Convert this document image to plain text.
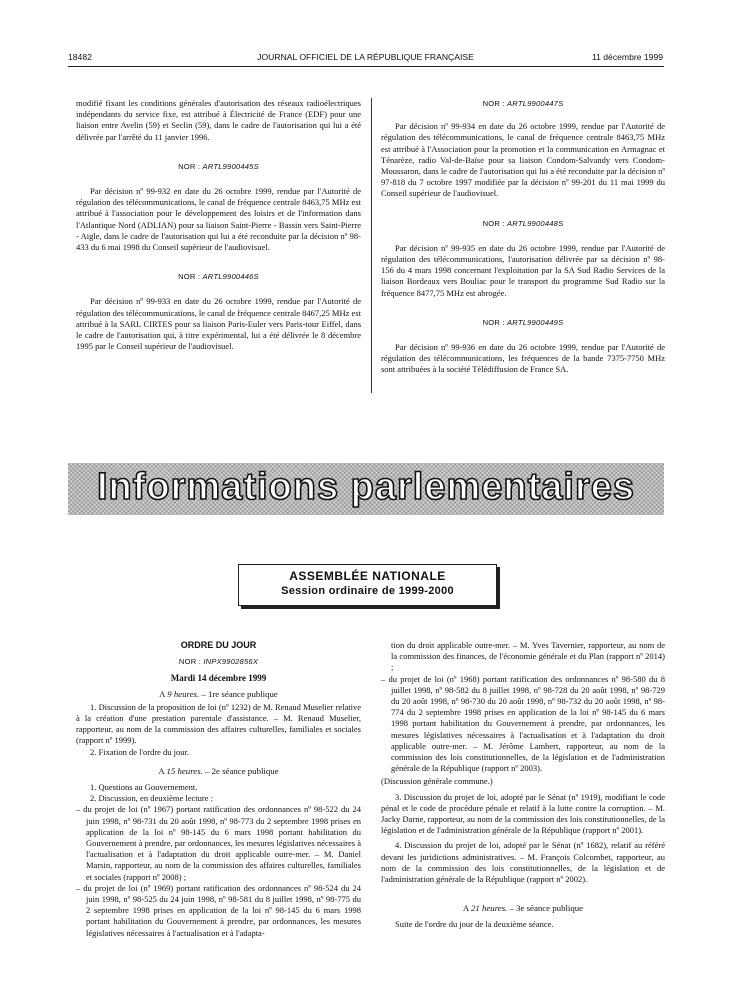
18482	JOURNAL OFFICIEL DE LA RÉPUBLIQUE FRANÇAISE	11 décembre 1999

modifié fixant les conditions générales d'autorisation des réseaux radioélectriques indépendants du service fixe, est attribué à Électricité de France (EDF) pour une liaison entre Avelin (59) et Seclin (59), dans le cadre de l'autorisation qui lui a été délivrée par l'arrêté du 11 janvier 1996.

NOR : ARTL9900445S

Par décision nº 99-932 en date du 26 octobre 1999, rendue par l'Autorité de régulation des télécommunications, le canal de fréquence centrale 8463,75 MHz est attribué à l'association pour le développement des loisirs et de l'information dans l'Atlantique Nord (ADLIAN) pour sa liaison Saint-Pierre - Bassin vers Saint-Pierre - Aigle, dans le cadre de l'autorisation qui lui a été reconduite par la décision nº 98-433 du 6 mai 1998 du Conseil supérieur de l'audiovisuel.

NOR : ARTL9900446S

Par décision nº 99-933 en date du 26 octobre 1999, rendue par l'Autorité de régulation des télécommunications, le canal de fréquence centrale 8467,25 MHz est attribué à la SARL CIRTES pour sa liaison Paris-Euler vers Paris-tour Eiffel, dans le cadre de l'autorisation qui, à titre expérimental, lui a été délivrée le 8 décembre 1995 par le Conseil supérieur de l'audiovisuel.

NOR : ARTL9900447S

Par décision nº 99-934 en date du 26 octobre 1999, rendue par l'Autorité de régulation des télécommunications, le canal de fréquence centrale 8463,75 MHz est attribué à l'Association pour la promotion et la communication en Armagnac et Ténarèze, radio Val-de-Baïse pour sa liaison Condom-Salvandy vers Condom-Moussaron, dans le cadre de l'autorisation qui lui a été reconduite par la décision nº 97-818 du 7 octobre 1997 modifiée par la décision nº 99-201 du 11 mai 1999 du Conseil supérieur de l'audiovisuel.

NOR : ARTL9900448S

Par décision nº 99-935 en date du 26 octobre 1999, rendue par l'Autorité de régulation des télécommunications, l'autorisation délivrée par sa décision nº 98-156 du 4 mars 1998 concernant l'exploitation par la SA Sud Radio Services de la liaison Bordeaux vers Bouliac pour le transport du programme Sud Radio sur la fréquence 8477,75 MHz est abrogée.

NOR : ARTL9900449S

Par décision nº 99-936 en date du 26 octobre 1999, rendue par l'Autorité de régulation des télécommunications, les fréquences de la bande 7375-7750 MHz sont attribuées à la société Télédiffusion de France SA.

Informations parlementaires
ASSEMBLÉE NATIONALE
Session ordinaire de 1999-2000

ORDRE DU JOUR

NOR : INPX9902856X

Mardi 14 décembre 1999

A 9 heures. – 1re séance publique

1. Discussion de la proposition de loi (nº 1232) de M. Renaud Muselier relative à la création d'une prestation parentale d'assistance. – M. Renaud Muselier, rapporteur, au nom de la commission des affaires culturelles, familiales et sociales (rapport nº 1999).

2. Fixation de l'ordre du jour.

A 15 heures. – 2e séance publique

1. Questions au Gouvernement.

2. Discussion, en deuxième lecture :

– du projet de loi (nº 1967) portant ratification des ordonnances nº 98-522 du 24 juin 1998, nº 98-731 du 20 août 1998, nº 98-773 du 2 septembre 1998 prises en application de la loi nº 98-145 du 6 mars 1998 portant habilitation du Gouvernement à prendre, par ordonnances, les mesures législatives nécessaires à l'actualisation et à l'adaptation du droit applicable outre-mer. – M. Daniel Marsin, rapporteur, au nom de la commission des affaires culturelles, familiales et sociales (rapport nº 2008) ;

– du projet de loi (nº 1969) portant ratification des ordonnances nº 98-524 du 24 juin 1998, nº 98-525 du 24 juin 1998, nº 98-581 du 8 juillet 1998, nº 98-775 du 2 septembre 1998 prises en application de la loi nº 98-145 du 6 mars 1998 portant habilitation du Gouvernement à prendre, par ordonnances, les mesures législatives nécessaires à l'actualisation et à l'adapta-

tion du droit applicable outre-mer. – M. Yves Tavernier, rapporteur, au nom de la commission des finances, de l'économie générale et du Plan (rapport nº 2014) ;

– du projet de loi (nº 1968) portant ratification des ordonnances nº 98-580 du 8 juillet 1998, nº 98-582 du 8 juillet 1998, nº 98-728 du 20 août 1998, nº 98-729 du 20 août 1998, nº 98-730 du 20 août 1998, nº 98-732 du 20 août 1998, nº 98-774 du 2 septembre 1998 prises en application de la loi nº 98-145 du 6 mars 1998 portant habilitation du Gouvernement à prendre, par ordonnances, les mesures législatives nécessaires à l'actualisation et à l'adaptation du droit applicable outre-mer. – M. Jérôme Lambert, rapporteur, au nom de la commission des lois constitutionnelles, de la législation et de l'administration générale de la République (rapport nº 2003).

(Discussion générale commune.)

3. Discussion du projet de loi, adopté par le Sénat (nº 1919), modifiant le code pénal et le code de procédure pénale et relatif à la lutte contre la corruption. – M. Jacky Darne, rapporteur, au nom de la commission des lois constitutionnelles, de la législation et de l'administration générale de la République (rapport nº 2001).

4. Discussion du projet de loi, adopté par le Sénat (nº 1682), relatif au référé devant les juridictions administratives. – M. François Colcombet, rapporteur, au nom de la commission des lois constitutionnelles, de la législation et de l'administration générale de la République (rapport nº 2002).

A 21 heures. – 3e séance publique

Suite de l'ordre du jour de la deuxième séance.
